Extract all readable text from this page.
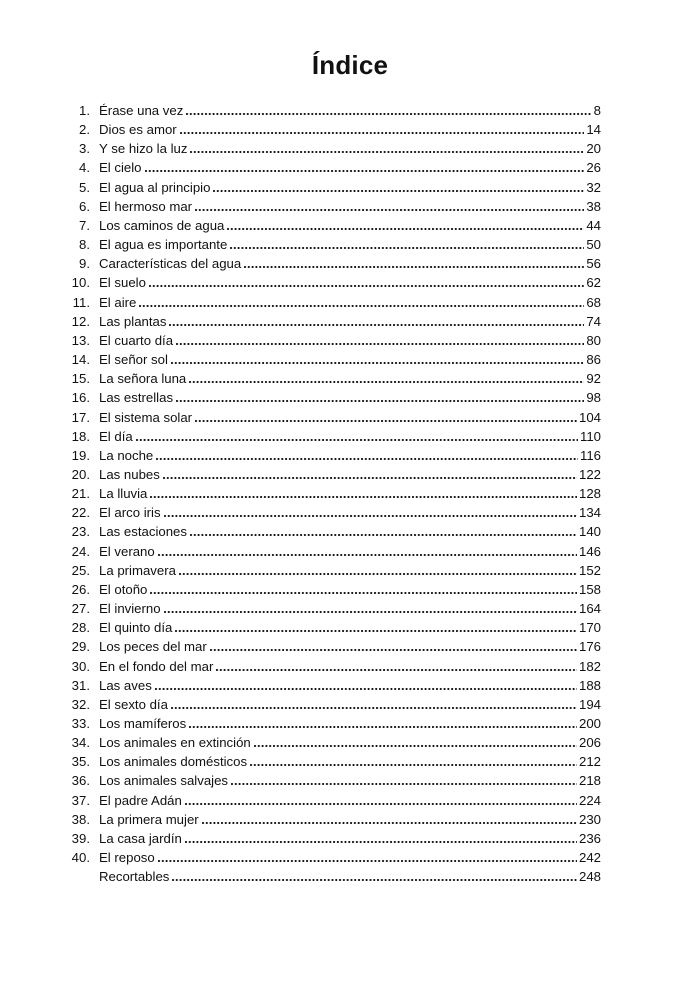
Índice
1. Érase una vez	8
2. Dios es amor	14
3. Y se hizo la luz	20
4. El cielo	26
5. El agua al principio	32
6. El hermoso mar	38
7. Los caminos de agua	44
8. El agua es importante	50
9. Características del agua	56
10. El suelo	62
11. El aire	68
12. Las plantas	74
13. El cuarto día	80
14. El señor sol	86
15. La señora luna	92
16. Las estrellas	98
17. El sistema solar	104
18. El día	110
19. La noche	116
20. Las nubes	122
21. La lluvia	128
22. El arco iris	134
23. Las estaciones	140
24. El verano	146
25. La primavera	152
26. El otoño	158
27. El invierno	164
28. El quinto día	170
29. Los peces del mar	176
30. En el fondo del mar	182
31. Las aves	188
32. El sexto día	194
33. Los mamíferos	200
34. Los animales en extinción	206
35. Los animales domésticos	212
36. Los animales salvajes	218
37. El padre Adán	224
38. La primera mujer	230
39. La casa jardín	236
40. El reposo	242
Recortables	248
